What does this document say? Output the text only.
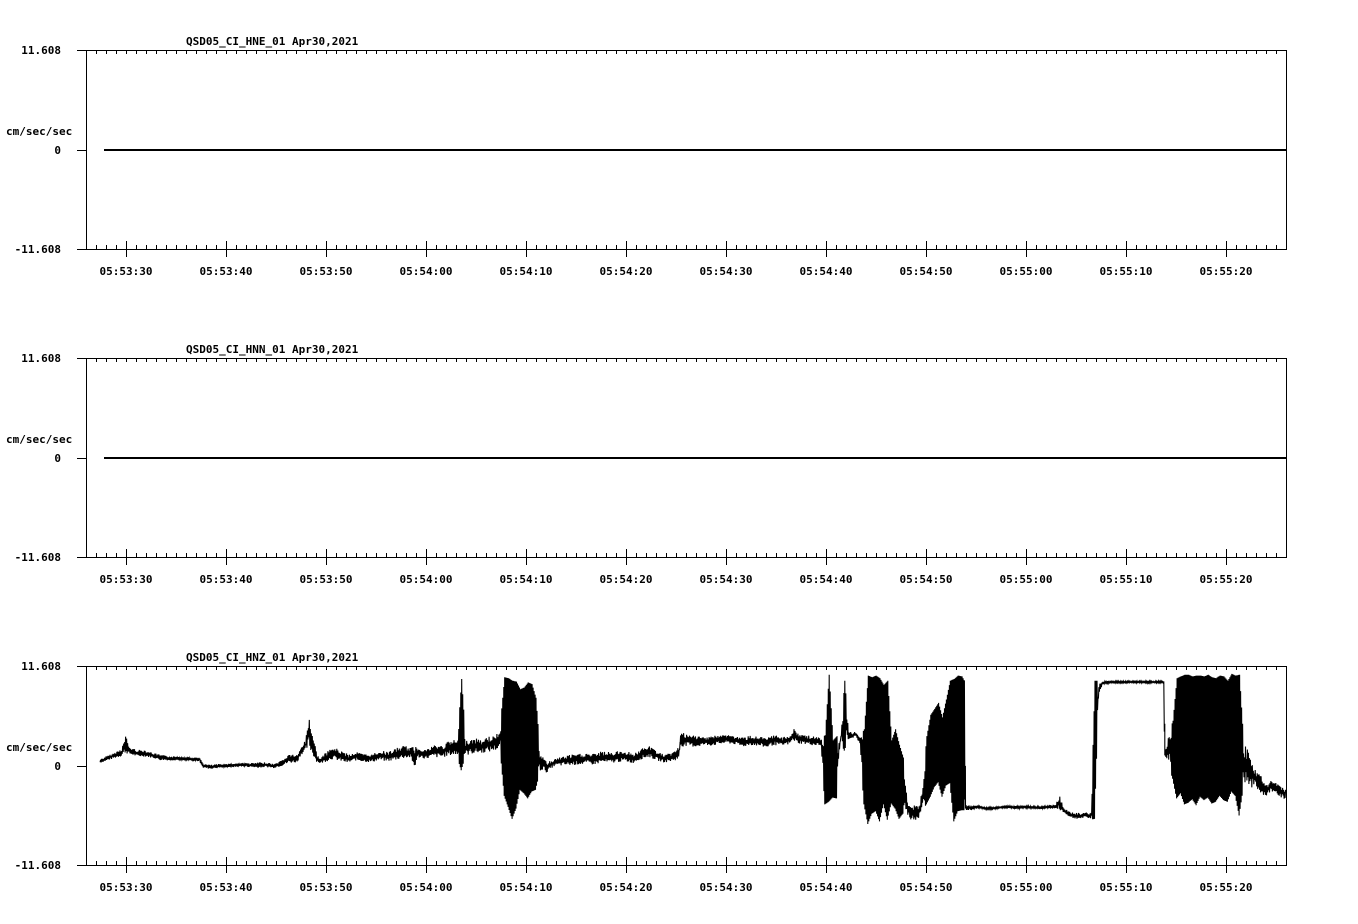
QSD05_CI_HNE_01 Apr30,2021
11.608
0
-11.608
cm/sec/sec
05:53:30	05:53:40	05:53:50	05:54:00	05:54:10	05:54:20	05:54:30	05:54:40	05:54:50	05:55:00	05:55:10	05:55:20
QSD05_CI_HNN_01 Apr30,2021
11.608
0
-11.608
cm/sec/sec
05:53:30	05:53:40	05:53:50	05:54:00	05:54:10	05:54:20	05:54:30	05:54:40	05:54:50	05:55:00	05:55:10	05:55:20
QSD05_CI_HNZ_01 Apr30,2021
11.608
0
-11.608
cm/sec/sec
05:53:30	05:53:40	05:53:50	05:54:00	05:54:10	05:54:20	05:54:30	05:54:40	05:54:50	05:55:00	05:55:10	05:55:20
